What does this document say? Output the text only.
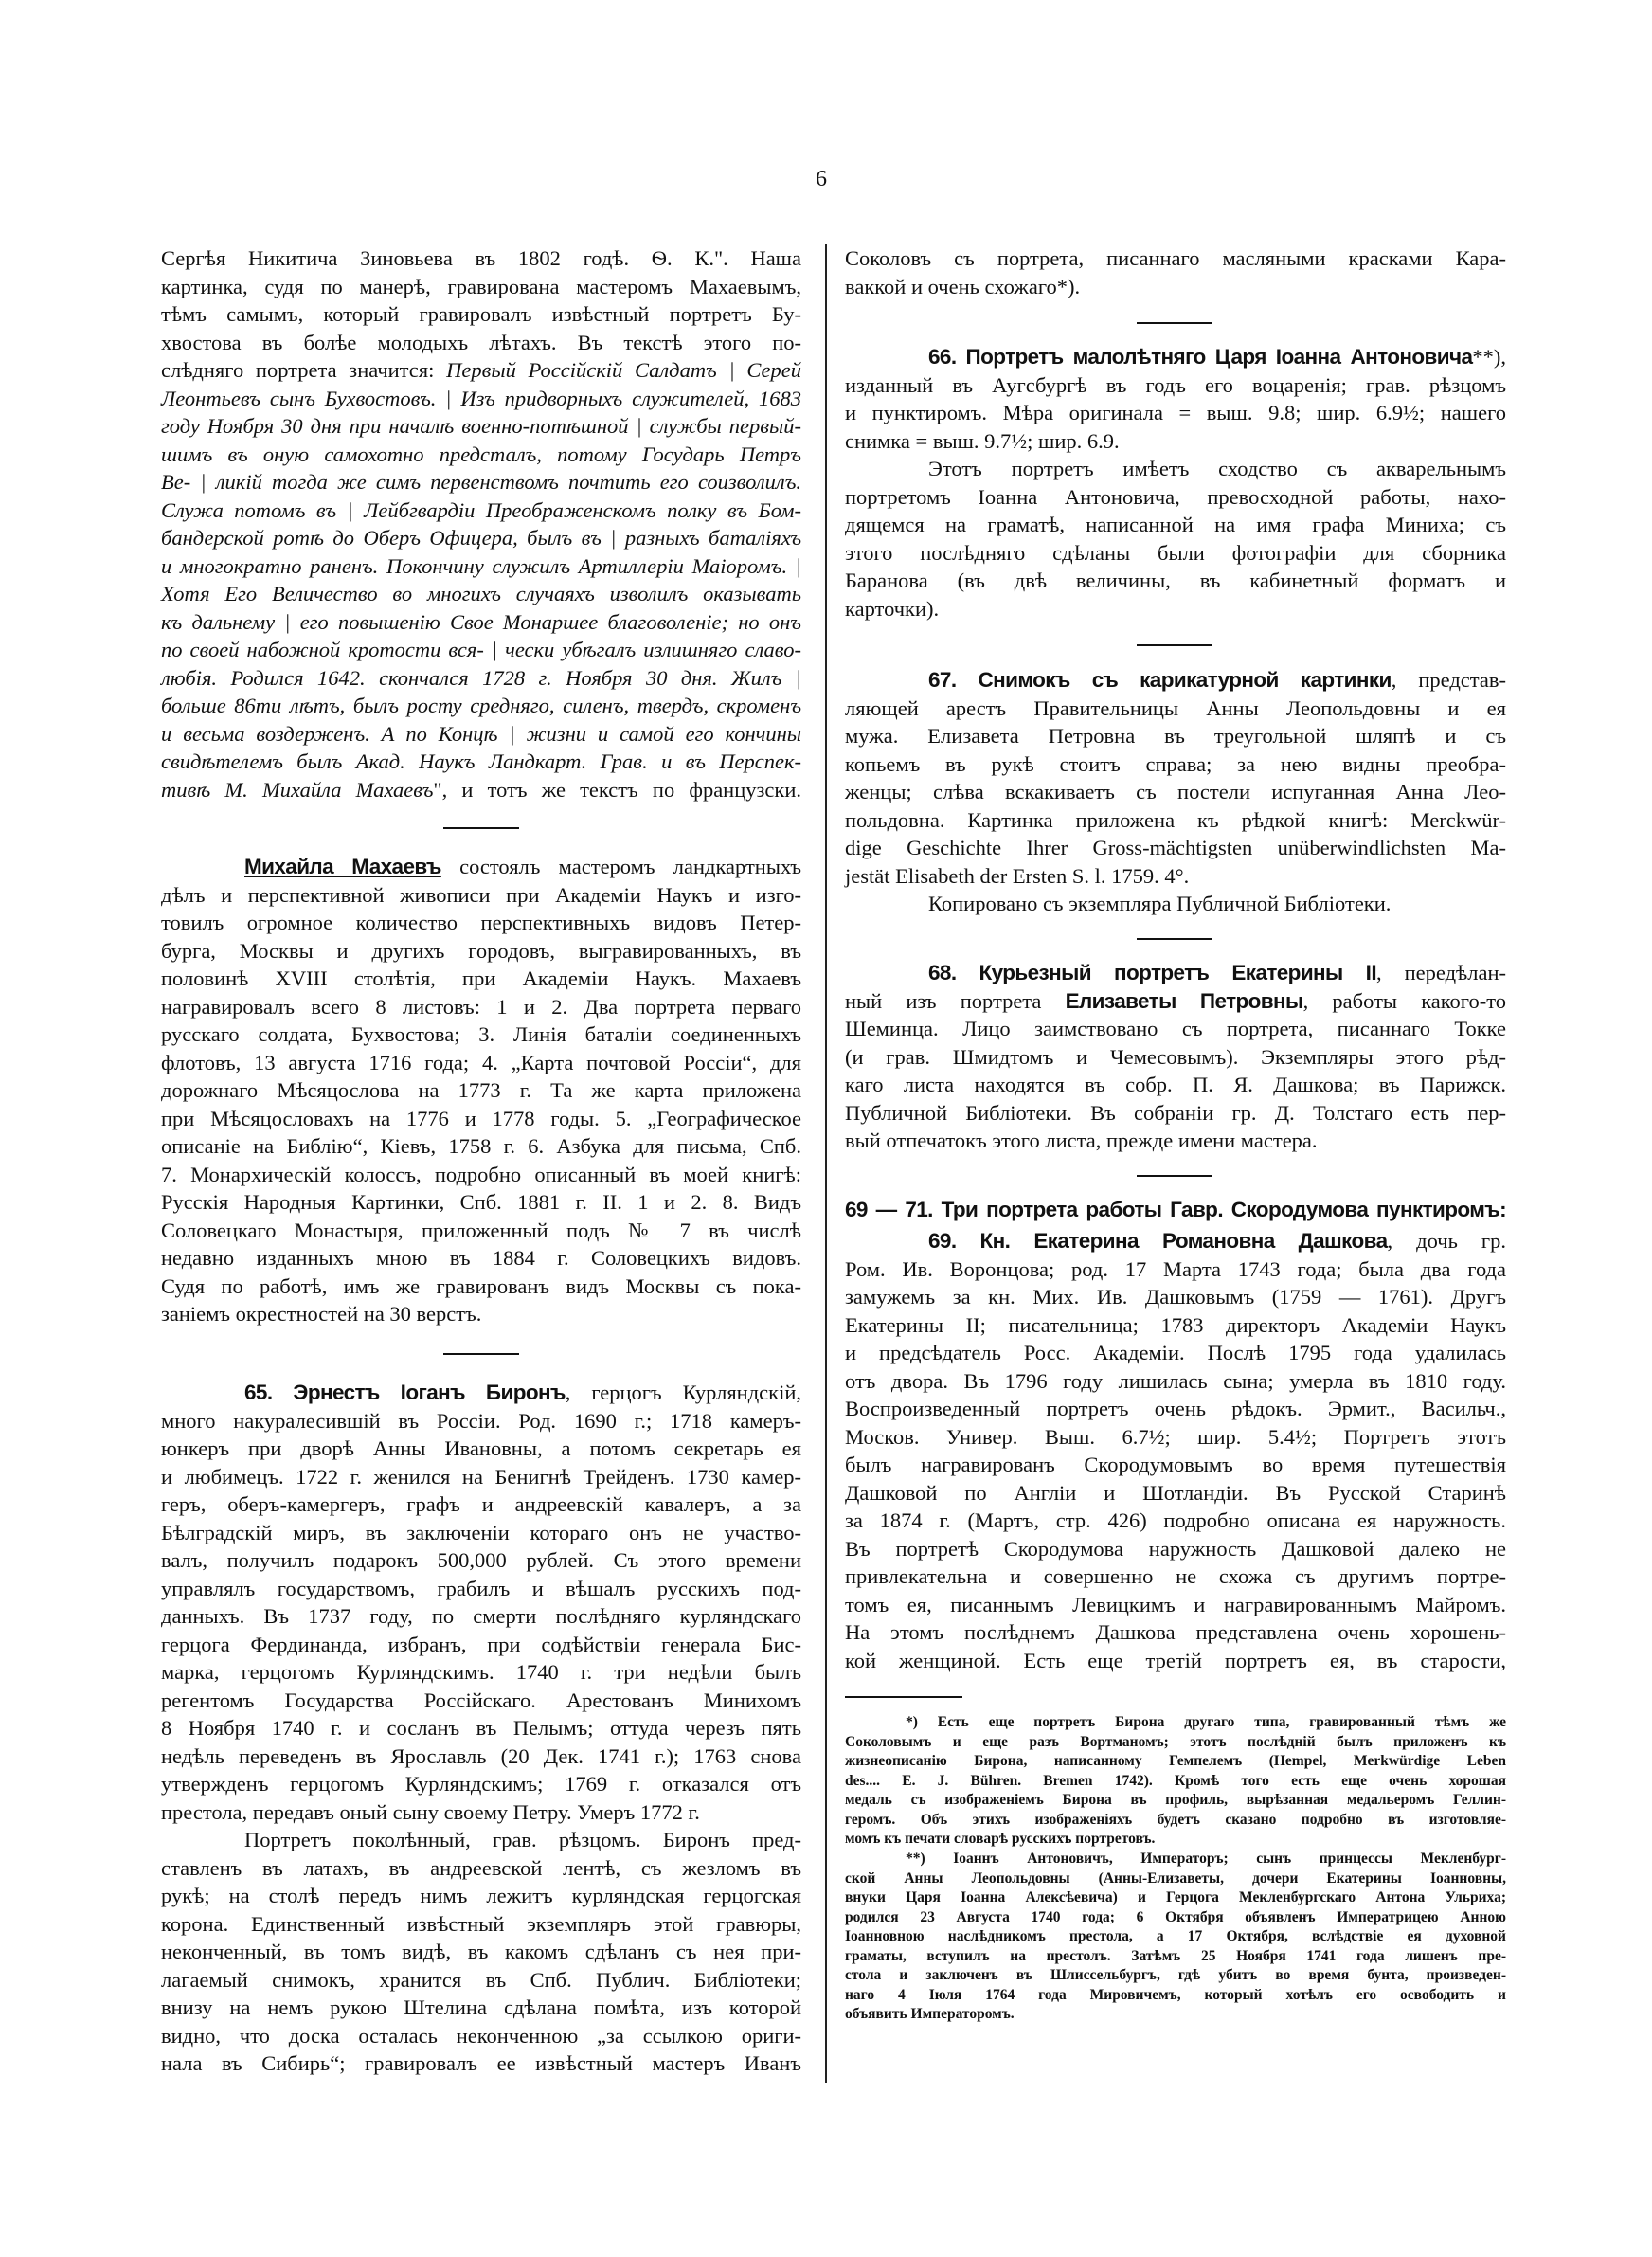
6
Сергѣя Никитича Зиновьева въ 1802 годѣ. Ѳ. К.". Наша
картинка, судя по манерѣ, гравирована мастеромъ Махаевымъ,
тѣмъ самымъ, который гравировалъ извѣстный портретъ Бу-
хвостова въ болѣе молодыхъ лѣтахъ. Въ текстѣ этого по-
слѣдняго портрета значится: Первый Россійскій Салдатъ | Серей
Леонтьевъ сынъ Бухвостовъ. | Изъ придворныхъ служителей, 1683
году Ноября 30 дня при началѣ военно-потѣшной | службы первый-
шимъ въ оную самохотно предсталъ, потому Государь Петръ
Ве- | ликій тогда же симъ первенствомъ почтить его соизволилъ.
Служа потомъ въ | Лейбгвардіи Преображенскомъ полку въ Бом-
бандерской ротѣ до Оберъ Офицера, былъ въ | разныхъ баталіяхъ
и многократно раненъ. Покончину служилъ Артиллеріи Маіоромъ. |
Хотя Его Величество во многихъ случаяхъ изволилъ оказывать
къ дальнему | его повышенію Свое Монаршее благоволеніе; но онъ
по своей набожной кротости вся- | чески убѣгалъ излишняго славо-
любія. Родился 1642. скончался 1728 г. Ноября 30 дня. Жилъ |
больше 86ти лѣтъ, былъ росту средняго, силенъ, твердъ, скроменъ
и весьма воздерженъ. А по Концѣ | жизни и самой его кончины
свидѣтелемъ былъ Акад. Наукъ Ландкарт. Грав. и въ Перспек-
тивѣ М. Михайла Махаевъ", и тотъ же текстъ по французски.
Михайла Махаевъ состоялъ мастеромъ ландкартныхъ
дѣлъ и перспективной живописи при Академіи Наукъ и изго-
товилъ огромное количество перспективныхъ видовъ Петер-
бурга, Москвы и другихъ городовъ, выгравированныхъ, въ
половинѣ XVIII столѣтія, при Академіи Наукъ. Махаевъ
награвировалъ всего 8 листовъ: 1 и 2. Два портрета перваго
русскаго солдата, Бухвостова; 3. Линія баталіи соединенныхъ
флотовъ, 13 августа 1716 года; 4. „Карта почтовой Россіи“, для
дорожнаго Мѣсяцослова на 1773 г. Та же карта приложена
при Мѣсяцословахъ на 1776 и 1778 годы. 5. „Географическое
описаніе на Библію“, Кіевъ, 1758 г. 6. Азбука для письма, Спб.
7. Монархическій колоссъ, подробно описанный въ моей книгѣ:
Русскія Народныя Картинки, Спб. 1881 г. II. 1 и 2. 8. Видъ
Соловецкаго Монастыря, приложенный подъ № 7 въ числѣ
недавно изданныхъ мною въ 1884 г. Соловецкихъ видовъ.
Судя по работѣ, имъ же гравированъ видъ Москвы съ пока-
заніемъ окрестностей на 30 верстъ.
65. Эрнестъ Іоганъ Биронъ, герцогъ Курляндскій,
много накуралесившій въ Россіи. Род. 1690 г.; 1718 камеръ-
юнкеръ при дворѣ Анны Ивановны, а потомъ секретарь ея
и любимецъ. 1722 г. женился на Бенигнѣ Трейденъ. 1730 камер-
геръ, оберъ-камергеръ, графъ и андреевскій кавалеръ, а за
Бѣлградскій миръ, въ заключеніи котораго онъ не участво-
валъ, получилъ подарокъ 500,000 рублей. Съ этого времени
управлялъ государствомъ, грабилъ и вѣшалъ русскихъ под-
данныхъ. Въ 1737 году, по смерти послѣдняго курляндскаго
герцога Фердинанда, избранъ, при содѣйствіи генерала Бис-
марка, герцогомъ Курляндскимъ. 1740 г. три недѣли былъ
регентомъ Государства Россійскаго. Арестованъ Минихомъ
8 Ноября 1740 г. и сосланъ въ Пелымъ; оттуда черезъ пять
недѣль переведенъ въ Ярославль (20 Дек. 1741 г.); 1763 снова
утвержденъ герцогомъ Курляндскимъ; 1769 г. отказался отъ
престола, передавъ оный сыну своему Петру. Умеръ 1772 г.
Портретъ поколѣнный, грав. рѣзцомъ. Биронъ пред-
ставленъ въ латахъ, въ андреевской лентѣ, съ жезломъ въ
рукѣ; на столѣ передъ нимъ лежитъ курляндская герцогская
корона. Единственный извѣстный экземпляръ этой гравюры,
неконченный, въ томъ видѣ, въ какомъ сдѣланъ съ нея при-
лагаемый снимокъ, хранится въ Спб. Публич. Библіотеки;
внизу на немъ рукою Штелина сдѣлана помѣта, изъ которой
видно, что доска осталась неконченною „за ссылкою ориги-
нала въ Сибирь“; гравировалъ ее извѣстный мастеръ Иванъ
Соколовъ съ портрета, писаннаго масляными красками Кара-
ваккой и очень схожаго*).
66. Портретъ малолѣтняго Царя Іоанна Антоновича**),
изданный въ Аугсбургѣ въ годъ его воцаренія; грав. рѣзцомъ
и пунктиромъ. Мѣра оригинала = выш. 9.8; шир. 6.9½; нашего
снимка = выш. 9.7½; шир. 6.9.
Этотъ портретъ имѣетъ сходство съ акварельнымъ
портретомъ Іоанна Антоновича, превосходной работы, нахо-
дящемся на граматѣ, написанной на имя графа Миниха; съ
этого послѣдняго сдѣланы были фотографіи для сборника
Баранова (въ двѣ величины, въ кабинетный форматъ и
карточки).
67. Снимокъ съ карикатурной картинки, представ-
ляющей арестъ Правительницы Анны Леопольдовны и ея
мужа. Елизавета Петровна въ треугольной шляпѣ и съ
копьемъ въ рукѣ стоитъ справа; за нею видны преобра-
женцы; слѣва вскакиваетъ съ постели испуганная Анна Лео-
польдовна. Картинка приложена къ рѣдкой книгѣ: Merckwür-
dige Geschichte Ihrer Gross-mächtigsten unüberwindlichsten Ma-
jestät Elisabeth der Ersten S. l. 1759. 4°.
Копировано съ экземпляра Публичной Библіотеки.
68. Курьезный портретъ Екатерины II, передѣлан-
ный изъ портрета Елизаветы Петровны, работы какого-то
Шеминца. Лицо заимствовано съ портрета, писаннаго Токке
(и грав. Шмидтомъ и Чемесовымъ). Экземпляры этого рѣд-
каго листа находятся въ собр. П. Я. Дашкова; въ Парижск.
Публичной Библіотеки. Въ собраніи гр. Д. Толстаго есть пер-
вый отпечатокъ этого листа, прежде имени мастера.
69 — 71. Три портрета работы Гавр. Скородумова пунктиромъ:
69. Кн. Екатерина Романовна Дашкова, дочь гр.
Ром. Ив. Воронцова; род. 17 Марта 1743 года; была два года
замужемъ за кн. Мих. Ив. Дашковымъ (1759 — 1761). Другъ
Екатерины II; писательница; 1783 директоръ Академіи Наукъ
и предсѣдатель Росс. Академіи. Послѣ 1795 года удалилась
отъ двора. Въ 1796 году лишилась сына; умерла въ 1810 году.
Воспроизведенный портретъ очень рѣдокъ. Эрмит., Васильч.,
Москов. Универ. Выш. 6.7½; шир. 5.4½; Портретъ этотъ
былъ награвированъ Скородумовымъ во время путешествія
Дашковой по Англіи и Шотландіи. Въ Русской Старинѣ
за 1874 г. (Мартъ, стр. 426) подробно описана ея наружность.
Въ портретѣ Скородумова наружность Дашковой далеко не
привлекательна и совершенно не схожа съ другимъ портре-
томъ ея, писаннымъ Левицкимъ и награвированнымъ Майромъ.
На этомъ послѣднемъ Дашкова представлена очень хорошень-
кой женщиной. Есть еще третій портретъ ея, въ старости,
*) Есть еще портретъ Бирона другаго типа, гравированный тѣмъ же
Соколовымъ и еще разъ Вортманомъ; этотъ послѣдній былъ приложенъ къ
жизнеописанію Бирона, написанному Гемпелемъ (Hempel, Merkwürdige Leben
des.... E. J. Bühren. Bremen 1742). Кромѣ того есть еще очень хорошая
медаль съ изображеніемъ Бирона въ профиль, вырѣзанная медальеромъ Геллин-
геромъ. Объ этихъ изображеніяхъ будетъ сказано подробно въ изготовляе-
момъ къ печати словарѣ русскихъ портретовъ.
**) Іоаннъ Антоновичъ, Императоръ; сынъ принцессы Мекленбург-
ской Анны Леопольдовны (Анны-Елизаветы, дочери Екатерины Іоанновны,
внуки Царя Іоанна Алексѣевича) и Герцога Мекленбургскаго Антона Ульриха;
родился 23 Августа 1740 года; 6 Октября объявленъ Императрицею Анною
Іоанновною наслѣдникомъ престола, а 17 Октября, вслѣдствіе ея духовной
граматы, вступилъ на престолъ. Затѣмъ 25 Ноября 1741 года лишенъ пре-
стола и заключенъ въ Шлиссельбургъ, гдѣ убитъ во время бунта, произведен-
наго 4 Іюля 1764 года Мировичемъ, который хотѣлъ его освободить и
объявить Императоромъ.
